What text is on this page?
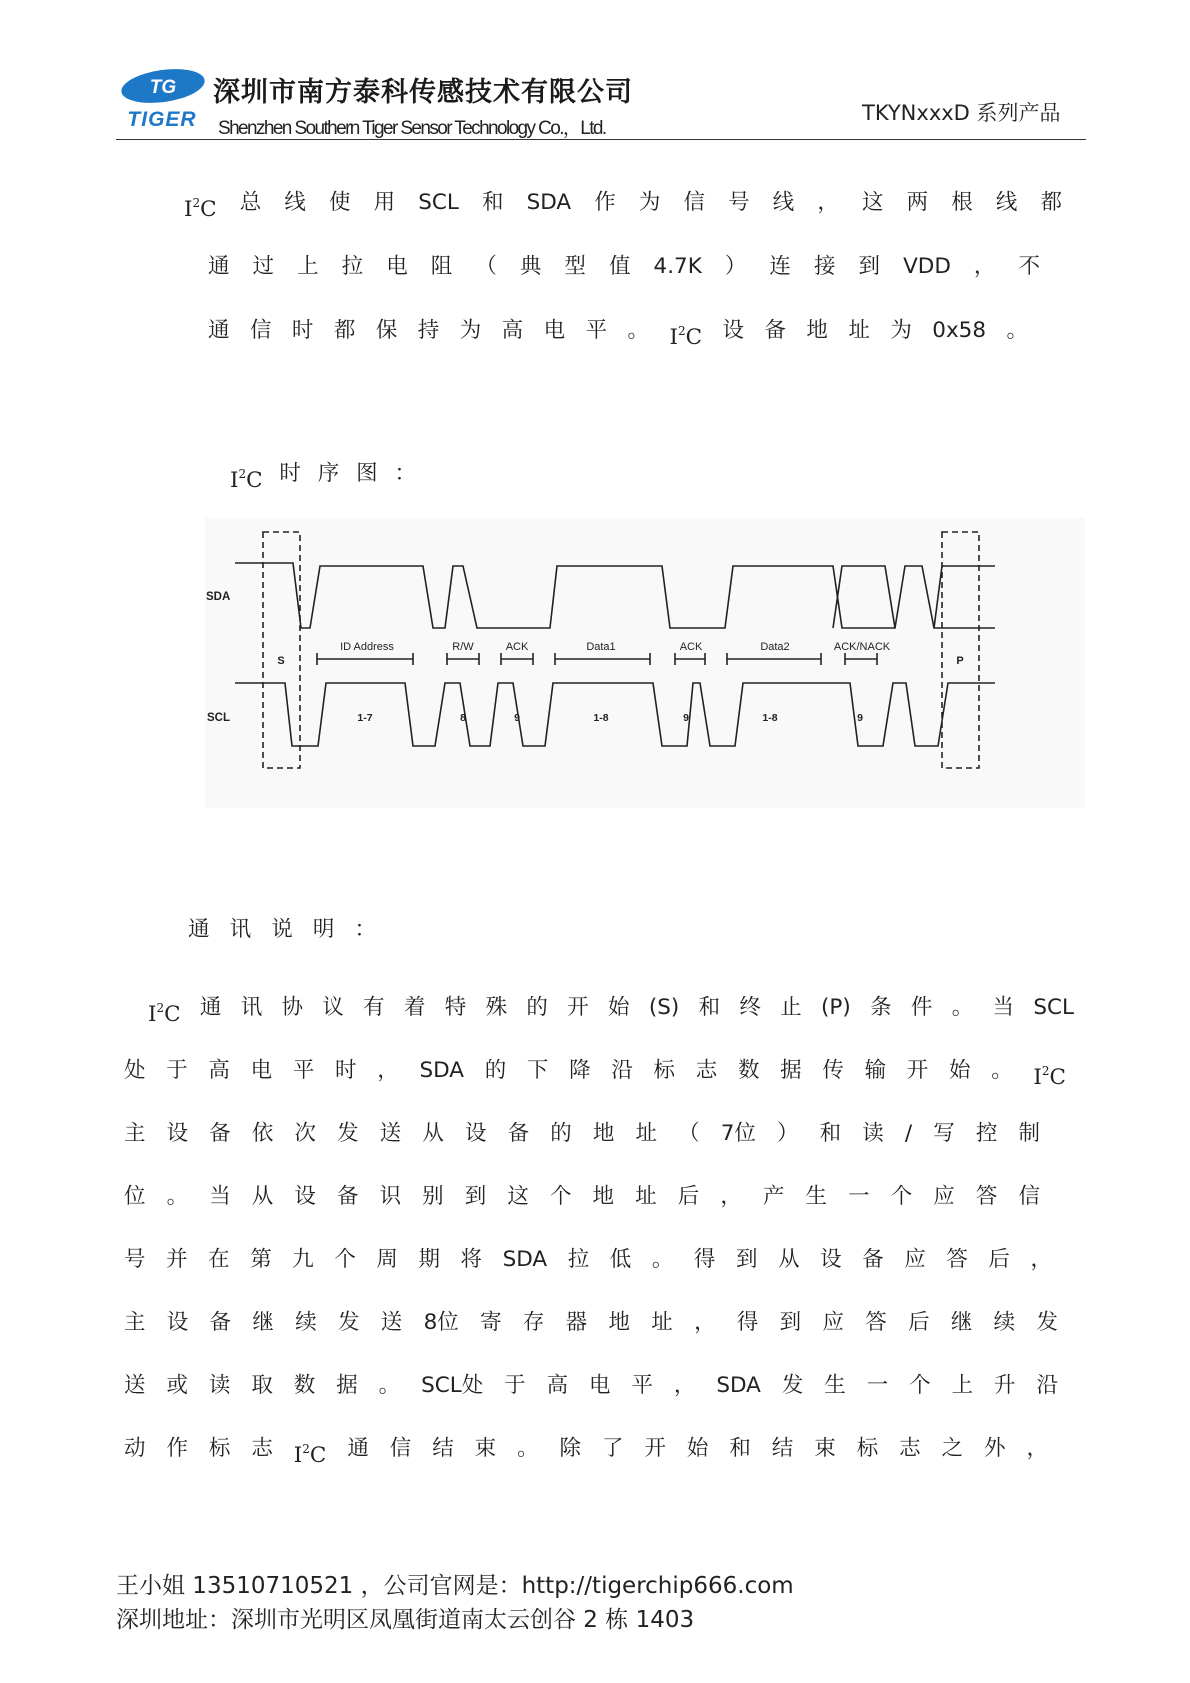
TG
TIGER
深圳市南方泰科传感技术有限公司
Shenzhen Southern Tiger Sensor Technology Co.，Ltd.
TKYNxxxD 系列产品
$I^2C$ 总 线 使 用 SCL 和 SDA 作 为 信 号 线 ， 这 两 根 线 都
通 过 上 拉 电 阻 （ 典 型 值 4.7K ） 连 接 到 VDD ， 不
通 信 时 都 保 持 为 高 电 平 。 $I^2C$ 设 备 地 址 为 0x58 。
$I^2C$ 时 序 图 ：
SDA
SCL
S
ID Address	R/W	ACK	Data1	ACK	Data2	ACK/NACK
P
1-7	8	9	1-8	9	1-8	9
通 讯 说 明 ：
$I^2C$ 通 讯 协 议 有 着 特 殊 的 开 始 (S) 和 终 止 (P) 条 件 。 当 SCL
处 于 高 电 平 时 ， SDA 的 下 降 沿 标 志 数 据 传 输 开 始 。 $I^2C$
主 设 备 依 次 发 送 从 设 备 的 地 址 （ 7位 ） 和 读 / 写 控 制
位 。 当 从 设 备 识 别 到 这 个 地 址 后 ， 产 生 一 个 应 答 信
号 并 在 第 九 个 周 期 将 SDA 拉 低 。 得 到 从 设 备 应 答 后 ，
主 设 备 继 续 发 送 8位 寄 存 器 地 址 ， 得 到 应 答 后 继 续 发
送 或 读 取 数 据 。 SCL处 于 高 电 平 ， SDA 发 生 一 个 上 升 沿
动 作 标 志 $I^2C$ 通 信 结 束 。 除 了 开 始 和 结 束 标 志 之 外 ，
王小姐 13510710521 ，公司官网是：http://tigerchip666.com
深圳地址：深圳市光明区凤凰街道南太云创谷 2 栋 1403
